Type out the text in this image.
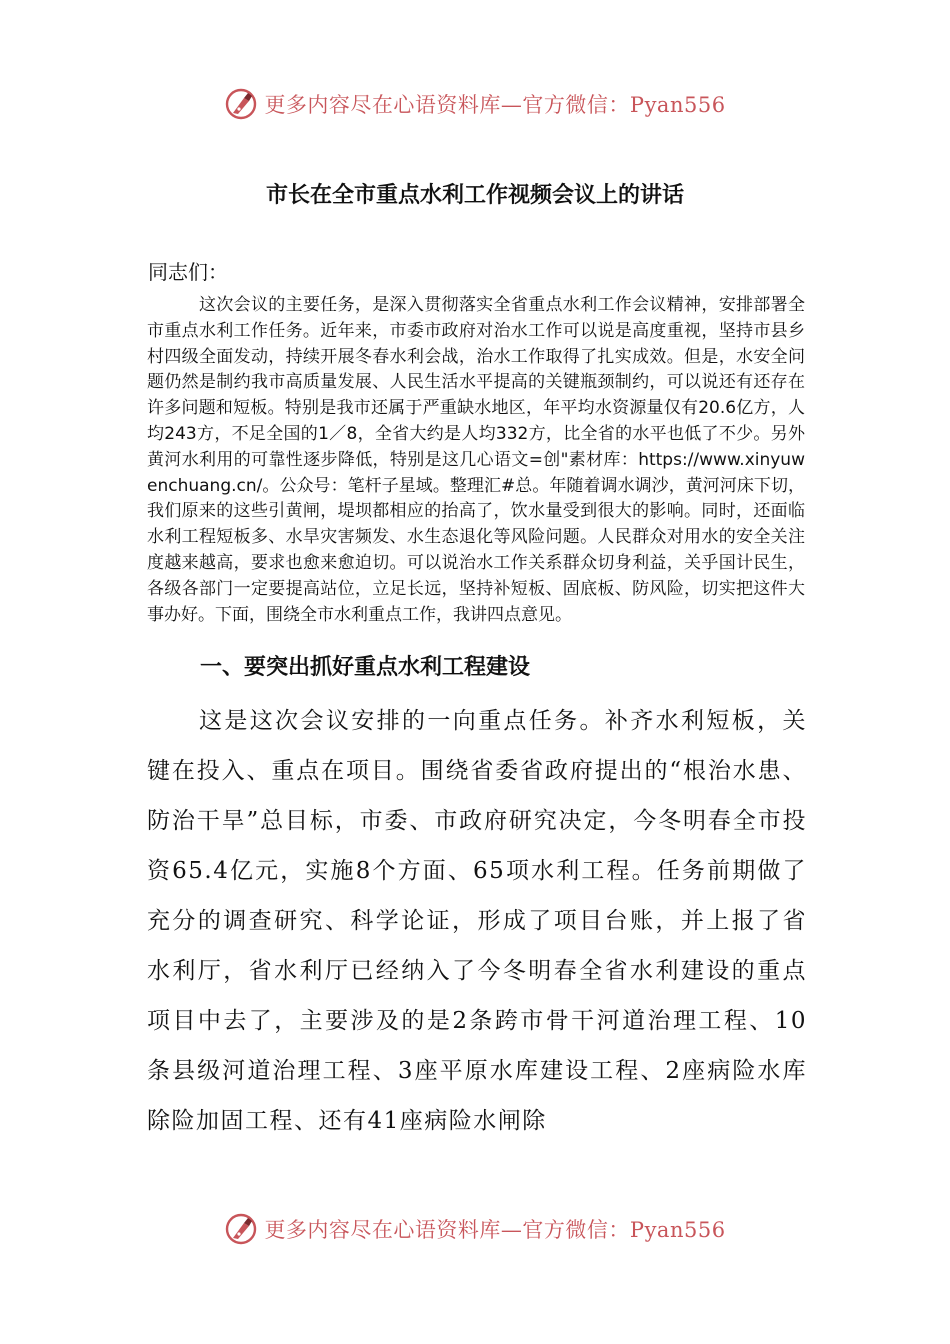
更多内容尽在心语资料库—官方微信：Pyan556
市长在全市重点水利工作视频会议上的讲话
同志们：

这次会议的主要任务，是深入贯彻落实全省重点水利工作会议精神，安排部署全市重点水利工作任务。近年来，市委市政府对治水工作可以说是高度重视，坚持市县乡村四级全面发动，持续开展冬春水利会战，治水工作取得了扎实成效。但是，水安全问题仍然是制约我市高质量发展、人民生活水平提高的关键瓶颈制约，可以说还有还存在许多问题和短板。特别是我市还属于严重缺水地区，年平均水资源量仅有20.6亿方，人均243方，不足全国的1／8，全省大约是人均332方，比全省的水平也低了不少。另外黄河水利用的可靠性逐步降低，特别是这几心语文=创"素材库：https://www.xinyuwenchuang.cn/。公众号：笔杆子星域。整理汇#总。年随着调水调沙，黄河河床下切，我们原来的这些引黄闸，堤坝都相应的抬高了，饮水量受到很大的影响。同时，还面临水利工程短板多、水旱灾害频发、水生态退化等风险问题。人民群众对用水的安全关注度越来越高，要求也愈来愈迫切。可以说治水工作关系群众切身利益，关乎国计民生，各级各部门一定要提高站位，立足长远，坚持补短板、固底板、防风险，切实把这件大事办好。下面，围绕全市水利重点工作，我讲四点意见。

一、要突出抓好重点水利工程建设

这是这次会议安排的一向重点任务。补齐水利短板，关键在投入、重点在项目。围绕省委省政府提出的“根治水患、防治干旱”总目标，市委、市政府研究决定，今冬明春全市投资65.4亿元，实施8个方面、65项水利工程。任务前期做了充分的调查研究、科学论证，形成了项目台账，并上报了省水利厅，省水利厅已经纳入了今冬明春全省水利建设的重点项目中去了，主要涉及的是2条跨市骨干河道治理工程、10条县级河道治理工程、3座平原水库建设工程、2座病险水库除险加固工程、还有41座病险水闸除

更多内容尽在心语资料库—官方微信：Pyan556
